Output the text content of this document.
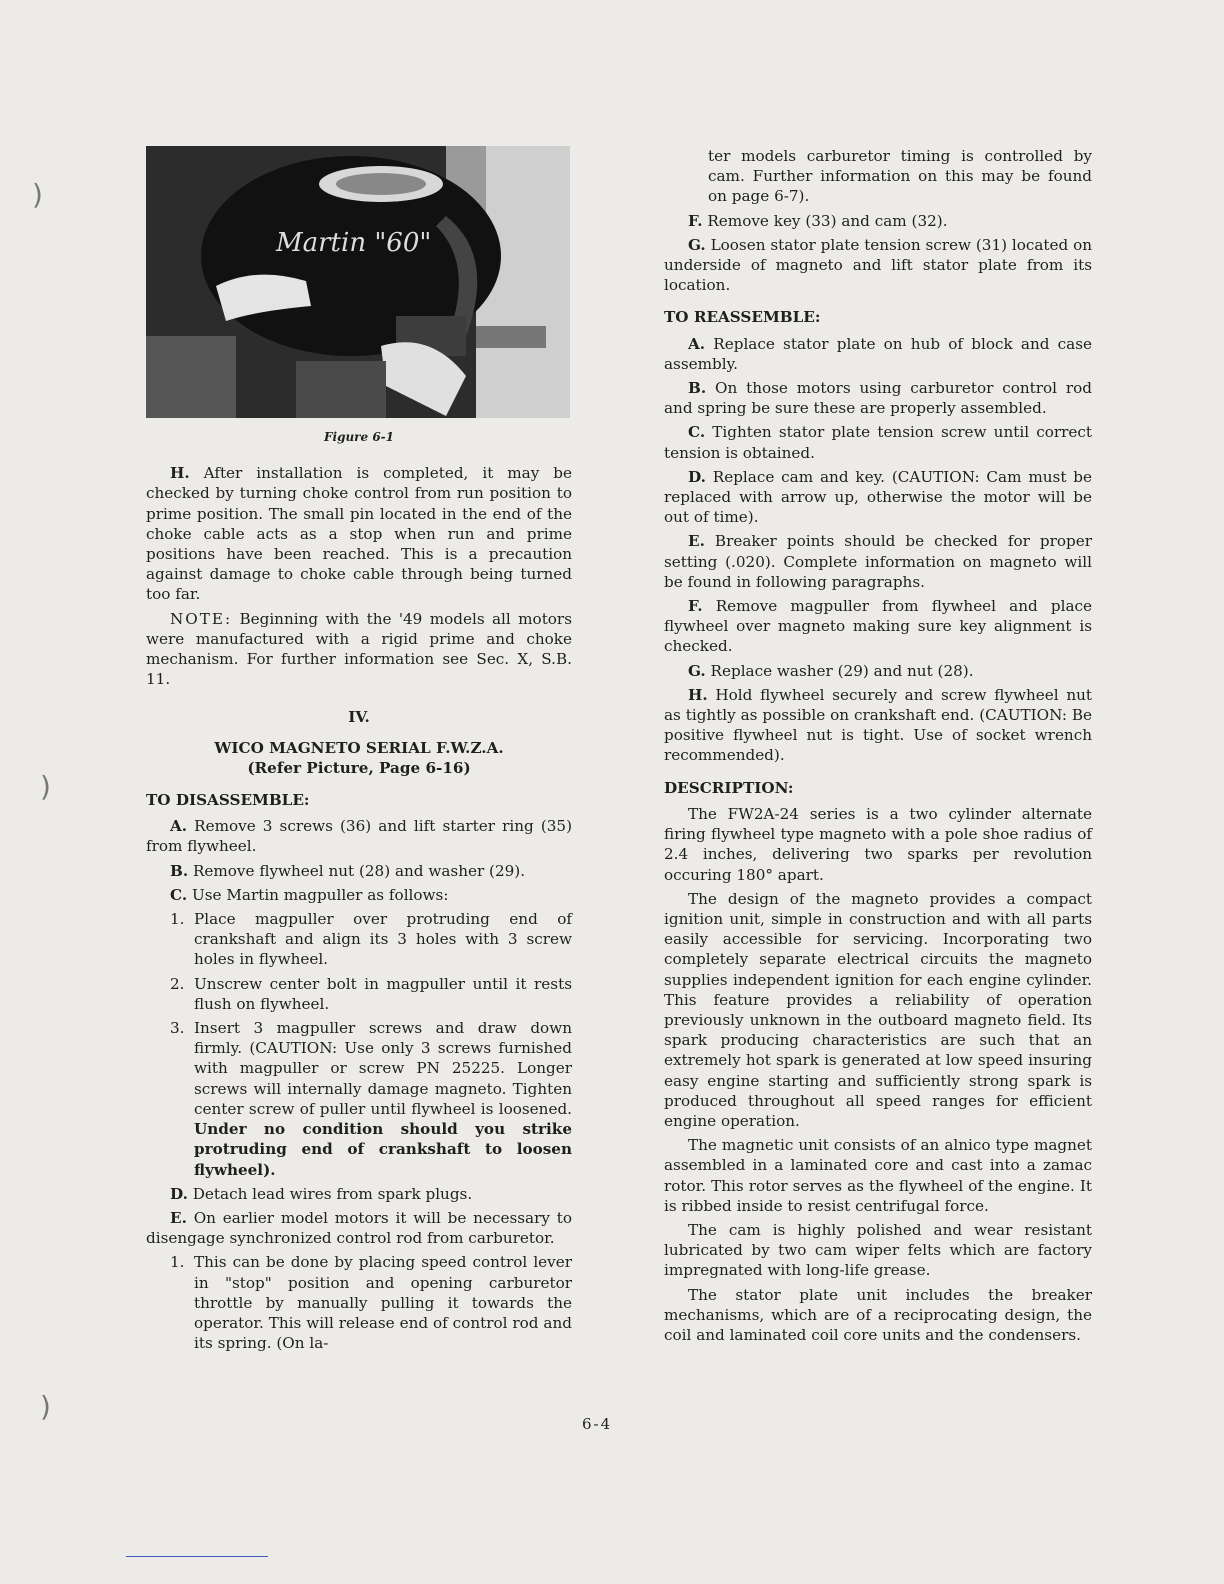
)
)
)
Martin "60"
Figure 6-1

H. After installation is completed, it may be checked by turning choke control from run position to prime position. The small pin located in the end of the choke cable acts as a stop when run and prime positions have been reached. This is a precaution against damage to choke cable through being turned too far.

NOTE: Beginning with the '49 models all motors were manufactured with a rigid prime and choke mechanism. For further information see Sec. X, S.B. 11.

IV.
WICO MAGNETO SERIAL F.W.Z.A.
(Refer Picture, Page 6-16)
TO DISASSEMBLE:

A. Remove 3 screws (36) and lift starter ring (35) from flywheel.

B. Remove flywheel nut (28) and washer (29).

C. Use Martin magpuller as follows:

1. Place magpuller over protruding end of crankshaft and align its 3 holes with 3 screw holes in flywheel.
2. Unscrew center bolt in magpuller until it rests flush on flywheel.
3. Insert 3 magpuller screws and draw down firmly. (CAUTION: Use only 3 screws furnished with magpuller or screw PN 25225. Longer screws will internally damage magneto. Tighten center screw of puller until flywheel is loosened. Under no condition should you strike protruding end of crankshaft to loosen flywheel).

D. Detach lead wires from spark plugs.

E. On earlier model motors it will be necessary to disengage synchronized control rod from carburetor.

1. This can be done by placing speed control lever in "stop" position and opening carburetor throttle by manually pulling it towards the operator. This will release end of control rod and its spring. (On la-

ter models carburetor timing is controlled by cam. Further information on this may be found on page 6-7).

F. Remove key (33) and cam (32).

G. Loosen stator plate tension screw (31) located on underside of magneto and lift stator plate from its location.

TO REASSEMBLE:

A. Replace stator plate on hub of block and case assembly.

B. On those motors using carburetor control rod and spring be sure these are properly assembled.

C. Tighten stator plate tension screw until correct tension is obtained.

D. Replace cam and key. (CAUTION: Cam must be replaced with arrow up, otherwise the motor will be out of time).

E. Breaker points should be checked for proper setting (.020). Complete information on magneto will be found in following paragraphs.

F. Remove magpuller from flywheel and place flywheel over magneto making sure key alignment is checked.

G. Replace washer (29) and nut (28).

H. Hold flywheel securely and screw flywheel nut as tightly as possible on crankshaft end. (CAUTION: Be positive flywheel nut is tight. Use of socket wrench recommended).

DESCRIPTION:

The FW2A-24 series is a two cylinder alternate firing flywheel type magneto with a pole shoe radius of 2.4 inches, delivering two sparks per revolution occuring 180° apart.

The design of the magneto provides a compact ignition unit, simple in construction and with all parts easily accessible for servicing. Incorporating two completely separate electrical circuits the magneto supplies independent ignition for each engine cylinder. This feature provides a reliability of operation previously unknown in the outboard magneto field. Its spark producing characteristics are such that an extremely hot spark is generated at low speed insuring easy engine starting and sufficiently strong spark is produced throughout all speed ranges for efficient engine operation.

The magnetic unit consists of an alnico type magnet assembled in a laminated core and cast into a zamac rotor. This rotor serves as the flywheel of the engine. It is ribbed inside to resist centrifugal force.

The cam is highly polished and wear resistant lubricated by two cam wiper felts which are factory impregnated with long-life grease.

The stator plate unit includes the breaker mechanisms, which are of a reciprocating design, the coil and laminated coil core units and the condensers.

6-4
